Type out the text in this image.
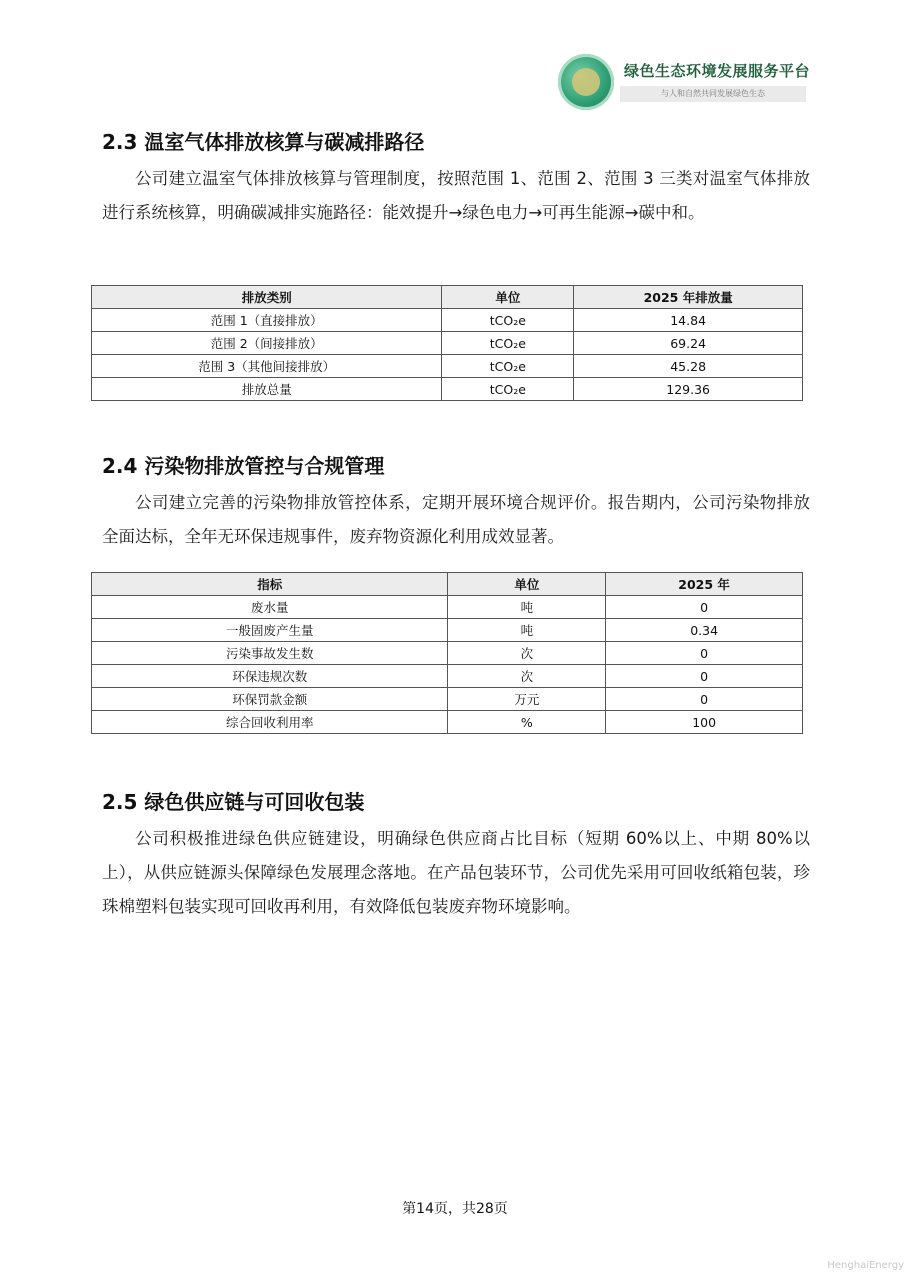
绿色生态环境发展服务平台
与人和自然共同发展绿色生态
2.3 温室气体排放核算与碳减排路径

公司建立温室气体排放核算与管理制度，按照范围 1、范围 2、范围 3 三类对温室气体排放进行系统核算，明确碳减排实施路径：能效提升→绿色电力→可再生能源→碳中和。

排放类别	单位	2025 年排放量
范围 1（直接排放）	tCO₂e	14.84
范围 2（间接排放）	tCO₂e	69.24
范围 3（其他间接排放）	tCO₂e	45.28
排放总量	tCO₂e	129.36
2.4 污染物排放管控与合规管理

公司建立完善的污染物排放管控体系，定期开展环境合规评价。报告期内，公司污染物排放全面达标，全年无环保违规事件，废弃物资源化利用成效显著。

指标	单位	2025 年
废水量	吨	0
一般固废产生量	吨	0.34
污染事故发生数	次	0
环保违规次数	次	0
环保罚款金额	万元	0
综合回收利用率	%	100
2.5 绿色供应链与可回收包装

公司积极推进绿色供应链建设，明确绿色供应商占比目标（短期 60%以上、中期 80%以上），从供应链源头保障绿色发展理念落地。在产品包装环节，公司优先采用可回收纸箱包装，珍珠棉塑料包装实现可回收再利用，有效降低包装废弃物环境影响。

第14页，共28页
HenghaiEnergy
